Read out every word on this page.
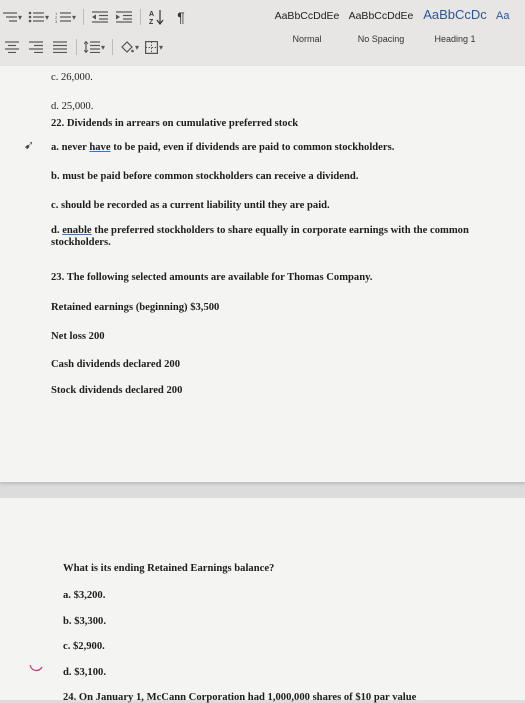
▾	▾ 1
2
3 ▾	A
Z ¶
▾	▾	▾
AaBbCcDdEe
Normal
AaBbCcDdEe
No Spacing
AaBbCcDc
Heading 1
Aa
c. 26,000.
d. 25,000.
22. Dividends in arrears on cumulative preferred stock
➹ a. never have to be paid, even if dividends are paid to common stockholders.
b. must be paid before common stockholders can receive a dividend.
c. should be recorded as a current liability until they are paid.
d. enable the preferred stockholders to share equally in corporate earnings with the common stockholders.
23. The following selected amounts are available for Thomas Company.
Retained earnings (beginning) $3,500
Net loss 200
Cash dividends declared 200
Stock dividends declared 200
What is its ending Retained Earnings balance?
a. $3,200.
b. $3,300.
c. $2,900.
d. $3,100.
24. On January 1, McCann Corporation had 1,000,000 shares of $10 par value
